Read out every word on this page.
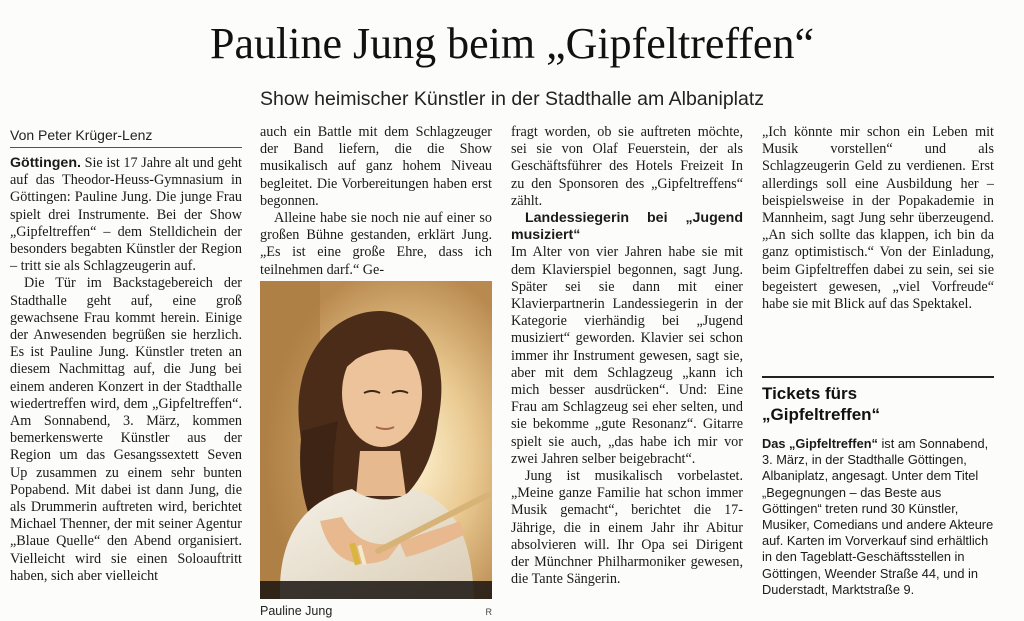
Pauline Jung beim „Gipfeltreffen“
Show heimischer Künstler in der Stadthalle am Albaniplatz
Von Peter Krüger-Lenz

Göttingen. Sie ist 17 Jahre alt und geht auf das Theodor-Heuss-Gymnasium in Göttingen: Pauline Jung. Die junge Frau spielt drei Instrumente. Bei der Show „Gipfeltreffen“ – dem Stelldichein der besonders begabten Künstler der Region – tritt sie als Schlagzeugerin auf.

Die Tür im Backstagebereich der Stadthalle geht auf, eine groß gewachsene Frau kommt herein. Einige der Anwesenden begrüßen sie herzlich. Es ist Pauline Jung. Künstler treten an diesem Nachmittag auf, die Jung bei einem anderen Konzert in der Stadthalle wiedertreffen wird, dem „Gipfeltreffen“. Am Sonnabend, 3. März, kommen bemerkenswerte Künstler aus der Region um das Gesangssextett Seven Up zusammen zu einem sehr bunten Popabend. Mit dabei ist dann Jung, die als Drummerin auftreten wird, berichtet Michael Thenner, der mit seiner Agentur „Blaue Quelle“ den Abend organisiert. Vielleicht wird sie einen Soloauftritt haben, sich aber vielleicht

auch ein Battle mit dem Schlagzeuger der Band liefern, die die Show musikalisch auf ganz hohem Niveau begleitet. Die Vorbereitungen haben erst begonnen.

Alleine habe sie noch nie auf einer so großen Bühne gestanden, erklärt Jung. „Es ist eine große Ehre, dass ich teilnehmen darf.“ Ge-

Pauline Jung	R

fragt worden, ob sie auftreten möchte, sei sie von Olaf Feuerstein, der als Geschäftsführer des Hotels Freizeit In zu den Sponsoren des „Gipfeltreffens“ zählt.

Landessiegerin bei „Jugend musiziert“

Im Alter von vier Jahren habe sie mit dem Klavierspiel begonnen, sagt Jung. Später sei sie dann mit einer Klavierpartnerin Landessiegerin in der Kategorie vierhändig bei „Jugend musiziert“ geworden. Klavier sei schon immer ihr Instrument gewesen, sagt sie, aber mit dem Schlagzeug „kann ich mich besser ausdrücken“. Und: Eine Frau am Schlagzeug sei eher selten, und sie bekomme „gute Resonanz“. Gitarre spielt sie auch, „das habe ich mir vor zwei Jahren selber beigebracht“.

Jung ist musikalisch vorbelastet. „Meine ganze Familie hat schon immer Musik gemacht“, berichtet die 17-Jährige, die in einem Jahr ihr Abitur absolvieren will. Ihr Opa sei Dirigent der Münchner Philharmoniker gewesen, die Tante Sängerin.

„Ich könnte mir schon ein Leben mit Musik vorstellen“ und als Schlagzeugerin Geld zu verdienen. Erst allerdings soll eine Ausbildung her – beispielsweise in der Popakademie in Mannheim, sagt Jung sehr überzeugend. „An sich sollte das klappen, ich bin da ganz optimistisch.“ Von der Einladung, beim Gipfeltreffen dabei zu sein, sei sie begeistert gewesen, „viel Vorfreude“ habe sie mit Blick auf das Spektakel.

Tickets fürs
„Gipfeltreffen“
Das „Gipfeltreffen“ ist am Sonnabend, 3. März, in der Stadthalle Göttingen, Albaniplatz, angesagt. Unter dem Titel „Begegnungen – das Beste aus Göttingen“ treten rund 30 Künstler, Musiker, Comedians und andere Akteure auf. Karten im Vorverkauf sind erhältlich in den Tageblatt-Geschäftsstellen in Göttingen, Weender Straße 44, und in Duderstadt, Marktstraße 9.
